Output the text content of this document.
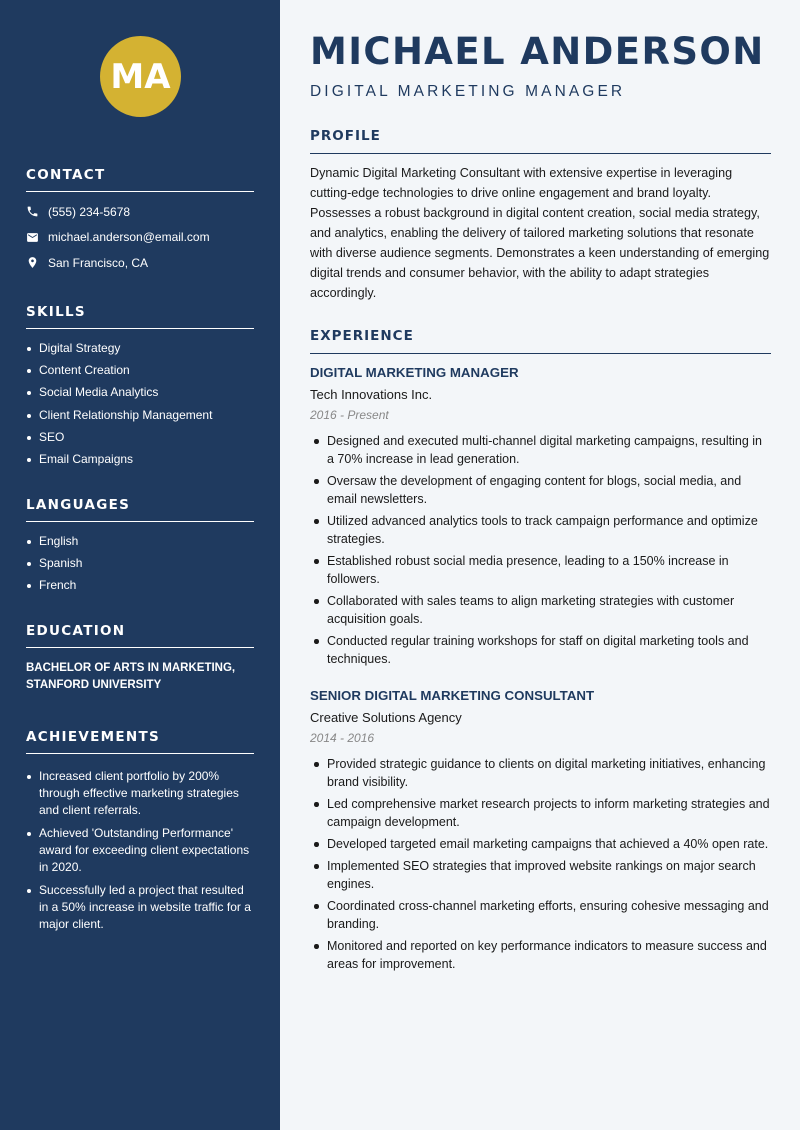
MA
CONTACT
(555) 234-5678
michael.anderson@email.com
San Francisco, CA
SKILLS
Digital Strategy
Content Creation
Social Media Analytics
Client Relationship Management
SEO
Email Campaigns
LANGUAGES
English
Spanish
French
EDUCATION
BACHELOR OF ARTS IN MARKETING, STANFORD UNIVERSITY
ACHIEVEMENTS
Increased client portfolio by 200% through effective marketing strategies and client referrals.
Achieved 'Outstanding Performance' award for exceeding client expectations in 2020.
Successfully led a project that resulted in a 50% increase in website traffic for a major client.
MICHAEL ANDERSON
DIGITAL MARKETING MANAGER
PROFILE

Dynamic Digital Marketing Consultant with extensive expertise in leveraging cutting-edge technologies to drive online engagement and brand loyalty. Possesses a robust background in digital content creation, social media strategy, and analytics, enabling the delivery of tailored marketing solutions that resonate with diverse audience segments. Demonstrates a keen understanding of emerging digital trends and consumer behavior, with the ability to adapt strategies accordingly.

EXPERIENCE

DIGITAL MARKETING MANAGER

Tech Innovations Inc.

2016 - Present

Designed and executed multi-channel digital marketing campaigns, resulting in a 70% increase in lead generation.
Oversaw the development of engaging content for blogs, social media, and email newsletters.
Utilized advanced analytics tools to track campaign performance and optimize strategies.
Established robust social media presence, leading to a 150% increase in followers.
Collaborated with sales teams to align marketing strategies with customer acquisition goals.
Conducted regular training workshops for staff on digital marketing tools and techniques.

SENIOR DIGITAL MARKETING CONSULTANT

Creative Solutions Agency

2014 - 2016

Provided strategic guidance to clients on digital marketing initiatives, enhancing brand visibility.
Led comprehensive market research projects to inform marketing strategies and campaign development.
Developed targeted email marketing campaigns that achieved a 40% open rate.
Implemented SEO strategies that improved website rankings on major search engines.
Coordinated cross-channel marketing efforts, ensuring cohesive messaging and branding.
Monitored and reported on key performance indicators to measure success and areas for improvement.
